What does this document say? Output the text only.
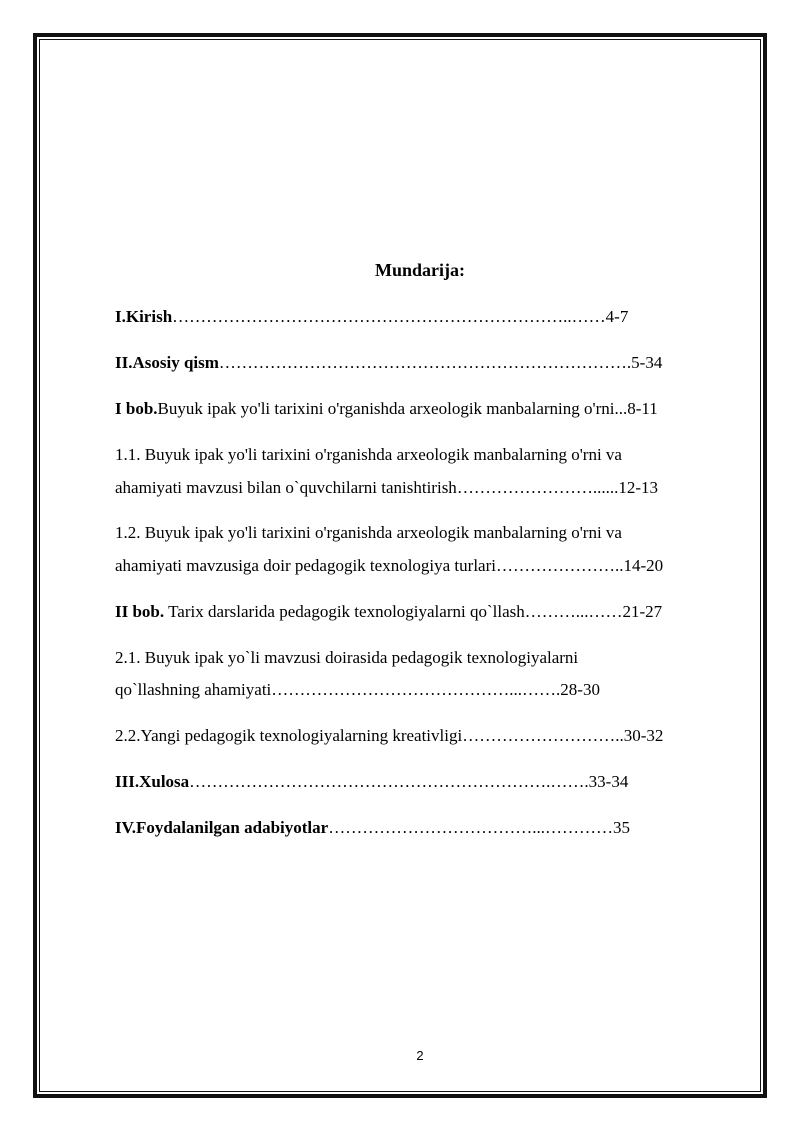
Mundarija:
I.Kirish……………………………………………………………..……4-7
II.Asosiy qism……………………………………………………………….5-34
I bob.Buyuk ipak yo'li tarixini o'rganishda arxeologik manbalarning o'rni...8-11
1.1. Buyuk ipak yo'li tarixini o'rganishda arxeologik manbalarning o'rni va
ahamiyati mavzusi bilan o`quvchilarni tanishtirish……………………......12-13
1.2. Buyuk ipak yo'li tarixini o'rganishda arxeologik manbalarning o'rni va
ahamiyati mavzusiga doir pedagogik texnologiya turlari…………………..14-20
II bob. Tarix darslarida pedagogik texnologiyalarni qo`llash………...……21-27
2.1. Buyuk ipak yo`li mavzusi doirasida pedagogik texnologiyalarni
qo`llashning ahamiyati……………………………………...…….28-30
2.2.Yangi pedagogik texnologiyalarning kreativligi………………………..30-32
III.Xulosa……………………………………………………….…….33-34
IV.Foydalanilgan adabiyotlar………………………………...…………35
2
